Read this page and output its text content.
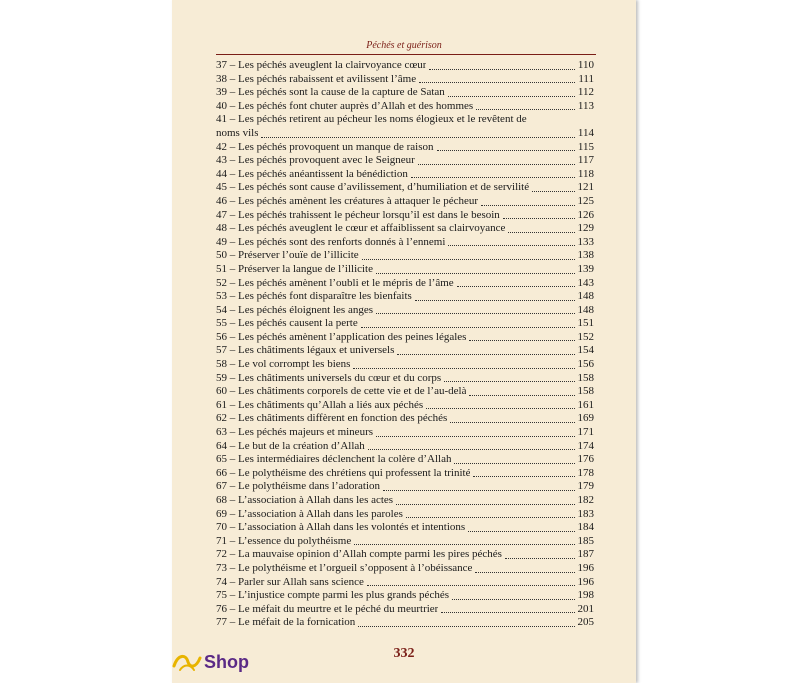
Péchés et guérison
37 – Les péchés aveuglent la clairvoyance cœur	110
38 – Les péchés rabaissent et avilissent l’âme	111
39 – Les péchés sont la cause de la capture de Satan	112
40 – Les péchés font chuter auprès d’Allah et des hommes	113
41 – Les péchés retirent au pécheur les noms élogieux et le revêtent de
noms vils	114
42 – Les péchés provoquent un manque de raison	115
43 – Les péchés provoquent avec le Seigneur	117
44 – Les péchés anéantissent la bénédiction	118
45 – Les péchés sont cause d’avilissement, d’humiliation et de servilité	121
46 – Les péchés amènent les créatures à attaquer le pécheur	125
47 – Les péchés trahissent le pécheur lorsqu’il est dans le besoin	126
48 – Les péchés aveuglent le cœur et affaiblissent sa clairvoyance	129
49 – Les péchés sont des renforts donnés à l’ennemi	133
50 – Préserver l’ouïe de l’illicite	138
51 – Préserver la langue de l’illicite	139
52 – Les péchés amènent l’oubli et le mépris de l’âme	143
53 – Les péchés font disparaître les bienfaits	148
54 – Les péchés éloignent les anges	148
55 – Les péchés causent la perte	151
56 – Les péchés amènent l’application des peines légales	152
57 – Les châtiments légaux et universels	154
58 – Le vol corrompt les biens	156
59 – Les châtiments universels du cœur et du corps	158
60 – Les châtiments corporels de cette vie et de l’au-delà	158
61 – Les châtiments qu’Allah a liés aux péchés	161
62 – Les châtiments diffèrent en fonction des péchés	169
63 – Les péchés majeurs et mineurs	171
64 – Le but de la création d’Allah	174
65 – Les intermédiaires déclenchent la colère d’Allah	176
66 – Le polythéisme des chrétiens qui professent la trinité	178
67 – Le polythéisme dans l’adoration	179
68 – L’association à Allah dans les actes	182
69 – L’association à Allah dans les paroles	183
70 – L’association à Allah dans les volontés et intentions	184
71 – L’essence du polythéisme	185
72 – La mauvaise opinion d’Allah compte parmi les pires péchés	187
73 – Le polythéisme et l’orgueil s’opposent à l’obéissance	196
74 – Parler sur Allah sans science	196
75 – L’injustice compte parmi les plus grands péchés	198
76 – Le méfait du meurtre et le péché du meurtrier	201
77 – Le méfait de la fornication	205
332
Shop
